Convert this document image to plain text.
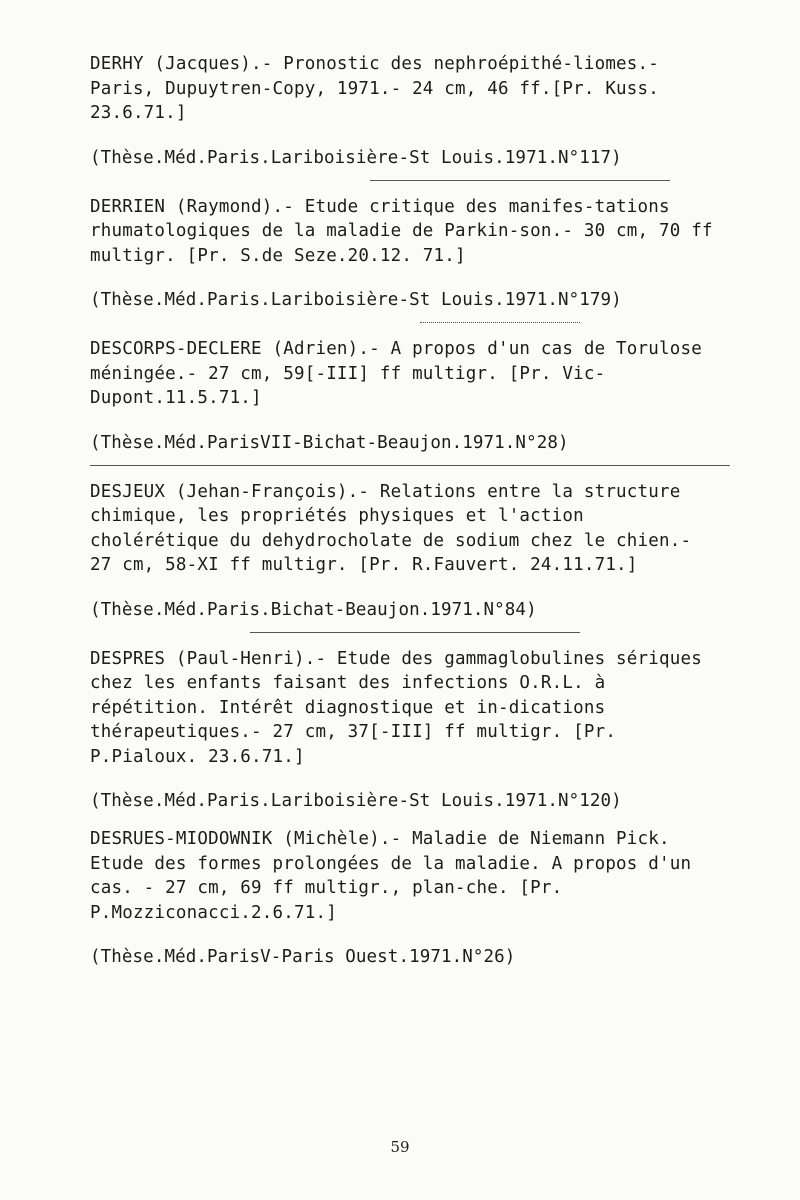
DERHY (Jacques).- Pronostic des nephroépithé-liomes.- Paris, Dupuytren-Copy, 1971.- 24 cm, 46 ff.[Pr. Kuss. 23.6.71.]

(Thèse.Méd.Paris.Lariboisière-St Louis.1971.N°117)

DERRIEN (Raymond).- Etude critique des manifes-tations rhumatologiques de la maladie de Parkin-son.- 30 cm, 70 ff multigr. [Pr. S.de Seze.20.12. 71.]

(Thèse.Méd.Paris.Lariboisière-St Louis.1971.N°179)

DESCORPS-DECLERE (Adrien).- A propos d'un cas de Torulose méningée.- 27 cm, 59[-III] ff multigr. [Pr. Vic-Dupont.11.5.71.]

(Thèse.Méd.ParisVII-Bichat-Beaujon.1971.N°28)

DESJEUX (Jehan-François).- Relations entre la structure chimique, les propriétés physiques et l'action cholérétique du dehydrocholate de sodium chez le chien.- 27 cm, 58-XI ff multigr. [Pr. R.Fauvert. 24.11.71.]

(Thèse.Méd.Paris.Bichat-Beaujon.1971.N°84)

DESPRES (Paul-Henri).- Etude des gammaglobulines sériques chez les enfants faisant des infections O.R.L. à répétition. Intérêt diagnostique et in-dications thérapeutiques.- 27 cm, 37[-III] ff multigr. [Pr. P.Pialoux. 23.6.71.]

(Thèse.Méd.Paris.Lariboisière-St Louis.1971.N°120)

DESRUES-MIODOWNIK (Michèle).- Maladie de Niemann Pick. Etude des formes prolongées de la maladie. A propos d'un cas. - 27 cm, 69 ff multigr., plan-che. [Pr. P.Mozziconacci.2.6.71.]

(Thèse.Méd.ParisV-Paris Ouest.1971.N°26)

59
